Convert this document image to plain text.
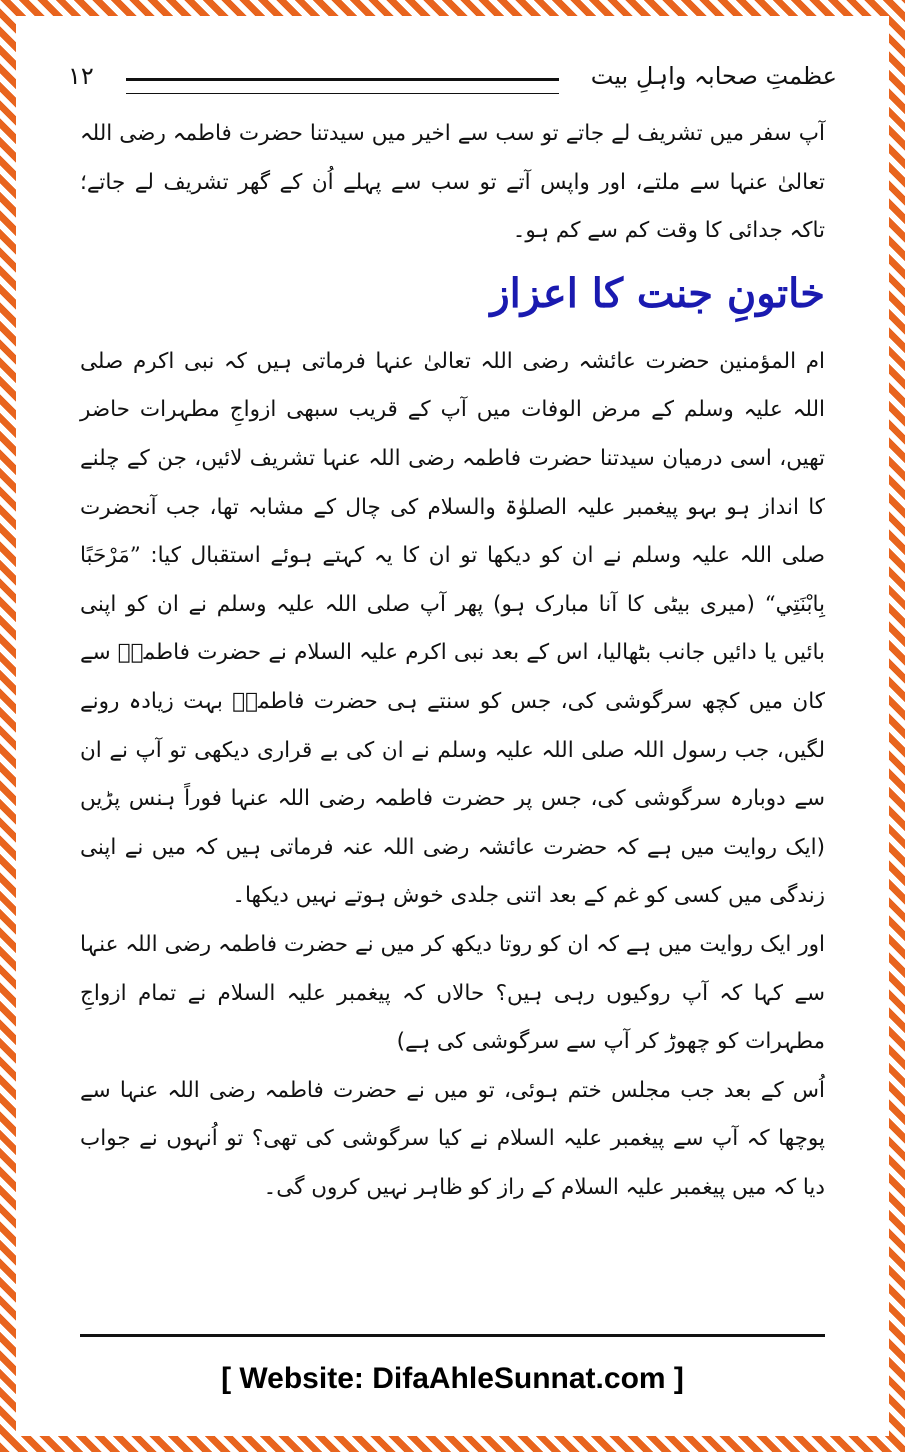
عظمتِ صحابہ واہلِ بیت
۱۲

آپ سفر میں تشریف لے جاتے تو سب سے اخیر میں سیدتنا حضرت فاطمہ رضی اللہ تعالیٰ عنہا سے ملتے، اور واپس آتے تو سب سے پہلے اُن کے گھر تشریف لے جاتے؛ تاکہ جدائی کا وقت کم سے کم ہو۔

خاتونِ جنت کا اعزاز

ام المؤمنین حضرت عائشہ رضی اللہ تعالیٰ عنہا فرماتی ہیں کہ نبی اکرم صلی اللہ علیہ وسلم کے مرض الوفات میں آپ کے قریب سبھی ازواجِ مطہرات حاضر تھیں، اسی درمیان سیدتنا حضرت فاطمہ رضی اللہ عنہا تشریف لائیں، جن کے چلنے کا انداز ہو بہو پیغمبر علیہ الصلوٰۃ والسلام کی چال کے مشابہ تھا، جب آنحضرت صلی اللہ علیہ وسلم نے ان کو دیکھا تو ان کا یہ کہتے ہوئے استقبال کیا: ”مَرْحَبًا بِابْنَتِي“ (میری بیٹی کا آنا مبارک ہو) پھر آپ صلی اللہ علیہ وسلم نے ان کو اپنی بائیں یا دائیں جانب بٹھالیا، اس کے بعد نبی اکرم علیہ السلام نے حضرت فاطمہؓ سے کان میں کچھ سرگوشی کی، جس کو سنتے ہی حضرت فاطمہؓ بہت زیادہ رونے لگیں، جب رسول اللہ صلی اللہ علیہ وسلم نے ان کی بے قراری دیکھی تو آپ نے ان سے دوبارہ سرگوشی کی، جس پر حضرت فاطمہ رضی اللہ عنہا فوراً ہنس پڑیں (ایک روایت میں ہے کہ حضرت عائشہ رضی اللہ عنہ فرماتی ہیں کہ میں نے اپنی زندگی میں کسی کو غم کے بعد اتنی جلدی خوش ہوتے نہیں دیکھا۔

اور ایک روایت میں ہے کہ ان کو روتا دیکھ کر میں نے حضرت فاطمہ رضی اللہ عنہا سے کہا کہ آپ روکیوں رہی ہیں؟ حالاں کہ پیغمبر علیہ السلام نے تمام ازواجِ مطہرات کو چھوڑ کر آپ سے سرگوشی کی ہے)

اُس کے بعد جب مجلس ختم ہوئی، تو میں نے حضرت فاطمہ رضی اللہ عنہا سے پوچھا کہ آپ سے پیغمبر علیہ السلام نے کیا سرگوشی کی تھی؟ تو اُنہوں نے جواب دیا کہ میں پیغمبر علیہ السلام کے راز کو ظاہر نہیں کروں گی۔

[ Website: DifaAhleSunnat.com ]
